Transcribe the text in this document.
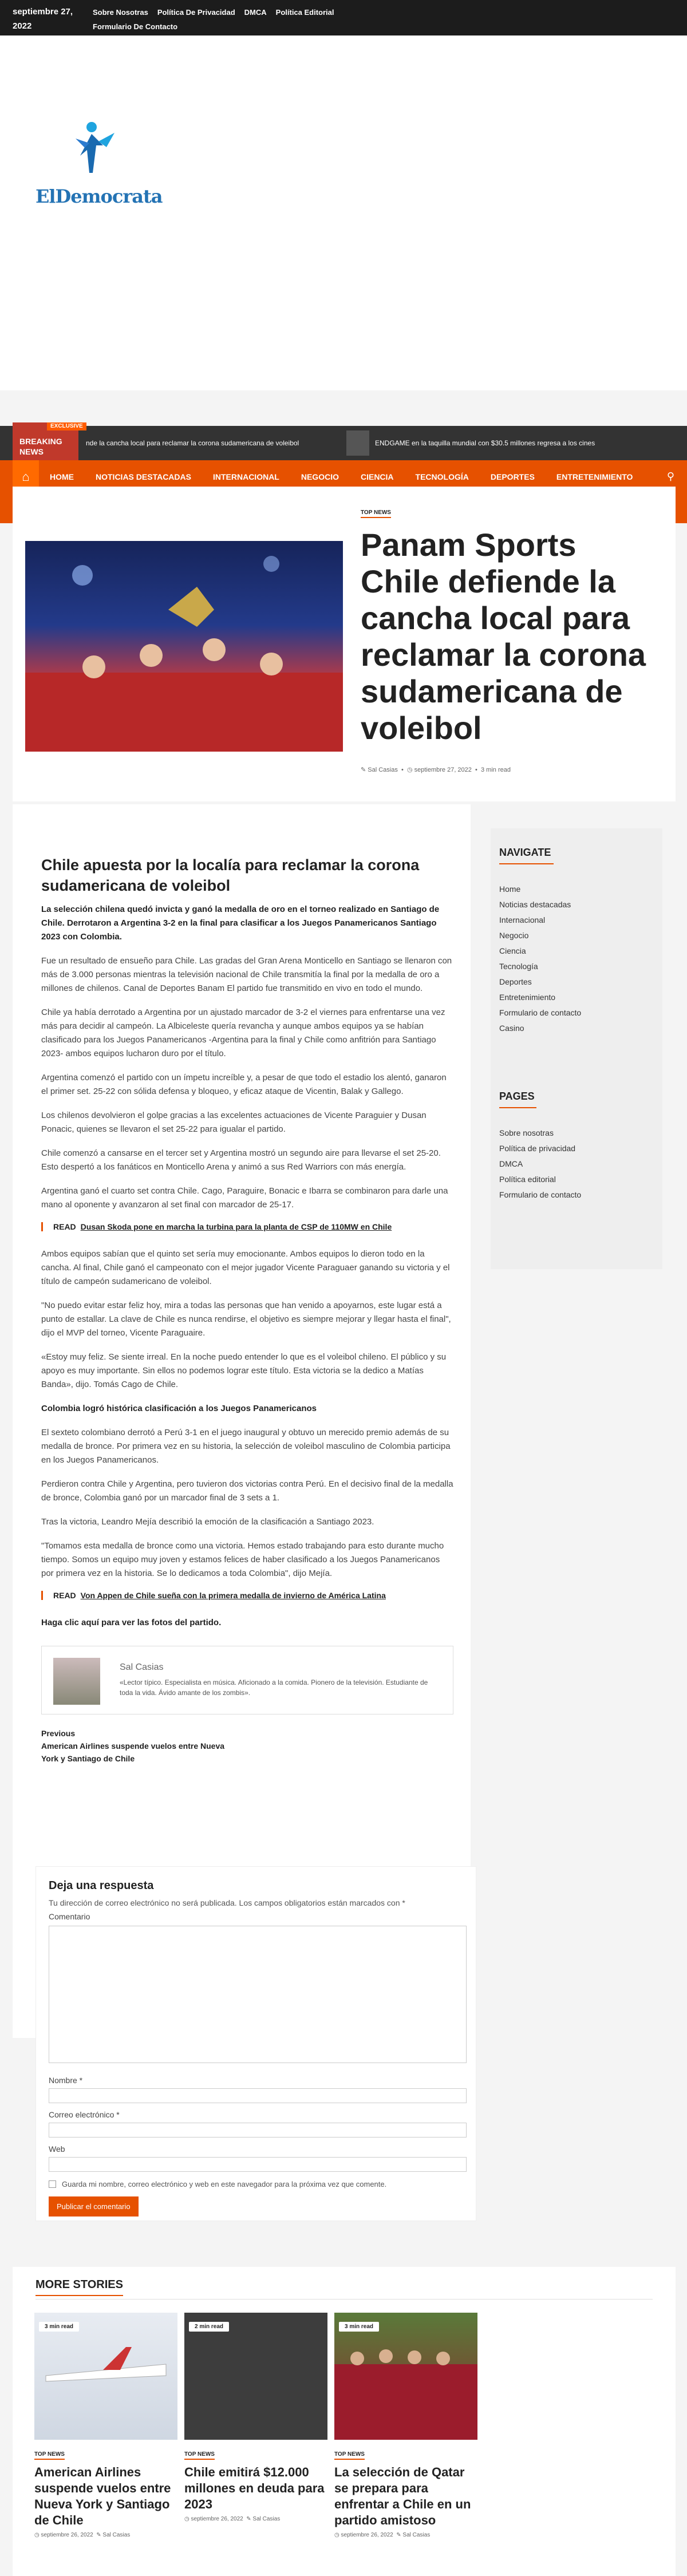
septiembre 27, 2022
Sobre Nosotras Política De Privacidad DMCA Política Editorial
Formulario De Contacto
ElDemocrata
EXCLUSIVE
BREAKING NEWS
nde la cancha local para reclamar la corona sudamericana de voleibol	ENDGAME en la taquilla mundial con $30.5 millones regresa a los cines
⌂	HOME	NOTICIAS DESTACADAS	INTERNACIONAL	NEGOCIO	CIENCIA	TECNOLOGÍA	DEPORTES	ENTRETENIMIENTO	⚲
TOP NEWS
Panam Sports Chile defiende la cancha local para reclamar la corona sudamericana de voleibol
✎ Sal Casias  •  ◷ septiembre 27, 2022  •  3 min read
Chile apuesta por la localía para reclamar la corona sudamericana de voleibol

La selección chilena quedó invicta y ganó la medalla de oro en el torneo realizado en Santiago de Chile. Derrotaron a Argentina 3-2 en la final para clasificar a los Juegos Panamericanos Santiago 2023 con Colombia.

Fue un resultado de ensueño para Chile. Las gradas del Gran Arena Monticello en Santiago se llenaron con más de 3.000 personas mientras la televisión nacional de Chile transmitía la final por la medalla de oro a millones de chilenos. Canal de Deportes Banam El partido fue transmitido en vivo en todo el mundo.

Chile ya había derrotado a Argentina por un ajustado marcador de 3-2 el viernes para enfrentarse una vez más para decidir al campeón. La Albiceleste quería revancha y aunque ambos equipos ya se habían clasificado para los Juegos Panamericanos -Argentina para la final y Chile como anfitrión para Santiago 2023- ambos equipos lucharon duro por el título.

Argentina comenzó el partido con un ímpetu increíble y, a pesar de que todo el estadio los alentó, ganaron el primer set. 25-22 con sólida defensa y bloqueo, y eficaz ataque de Vicentin, Balak y Gallego.

Los chilenos devolvieron el golpe gracias a las excelentes actuaciones de Vicente Paraguier y Dusan Ponacic, quienes se llevaron el set 25-22 para igualar el partido.

Chile comenzó a cansarse en el tercer set y Argentina mostró un segundo aire para llevarse el set 25-20. Esto despertó a los fanáticos en Monticello Arena y animó a sus Red Warriors con más energía.

Argentina ganó el cuarto set contra Chile. Cago, Paraguire, Bonacic e Ibarra se combinaron para darle una mano al oponente y avanzaron al set final con marcador de 25-17.

READ Dusan Skoda pone en marcha la turbina para la planta de CSP de 110MW en Chile

Ambos equipos sabían que el quinto set sería muy emocionante. Ambos equipos lo dieron todo en la cancha. Al final, Chile ganó el campeonato con el mejor jugador Vicente Paraguaer ganando su victoria y el título de campeón sudamericano de voleibol.

"No puedo evitar estar feliz hoy, mira a todas las personas que han venido a apoyarnos, este lugar está a punto de estallar. La clave de Chile es nunca rendirse, el objetivo es siempre mejorar y llegar hasta el final", dijo el MVP del torneo, Vicente Paraguaire.

«Estoy muy feliz. Se siente irreal. En la noche puedo entender lo que es el voleibol chileno. El público y su apoyo es muy importante. Sin ellos no podemos lograr este título. Esta victoria se la dedico a Matías Banda», dijo. Tomás Cago de Chile.

Colombia logró histórica clasificación a los Juegos Panamericanos

El sexteto colombiano derrotó a Perú 3-1 en el juego inaugural y obtuvo un merecido premio además de su medalla de bronce. Por primera vez en su historia, la selección de voleibol masculino de Colombia participa en los Juegos Panamericanos.

Perdieron contra Chile y Argentina, pero tuvieron dos victorias contra Perú. En el decisivo final de la medalla de bronce, Colombia ganó por un marcador final de 3 sets a 1.

Tras la victoria, Leandro Mejía describió la emoción de la clasificación a Santiago 2023.

"Tomamos esta medalla de bronce como una victoria. Hemos estado trabajando para esto durante mucho tiempo. Somos un equipo muy joven y estamos felices de haber clasificado a los Juegos Panamericanos por primera vez en la historia. Se lo dedicamos a toda Colombia", dijo Mejía.

READ Von Appen de Chile sueña con la primera medalla de invierno de América Latina

Haga clic aquí para ver las fotos del partido.

Sal Casias
«Lector típico. Especialista en música. Aficionado a la comida. Pionero de la televisión. Estudiante de toda la vida. Ávido amante de los zombis».
Previous
American Airlines suspende vuelos entre Nueva York y Santiago de Chile
NAVIGATE
Home
Noticias destacadas
Internacional
Negocio
Ciencia
Tecnología
Deportes
Entretenimiento
Formulario de contacto
Casino
PAGES
Sobre nosotras
Política de privacidad
DMCA
Política editorial
Formulario de contacto
Deja una respuesta
Tu dirección de correo electrónico no será publicada. Los campos obligatorios están marcados con *
Comentario
Nombre *
Correo electrónico *
Web
Guarda mi nombre, correo electrónico y web en este navegador para la próxima vez que comente.
Publicar el comentario
MORE STORIES
3 min read
TOP NEWS
American Airlines suspende vuelos entre Nueva York y Santiago de Chile
◷ septiembre 26, 2022  ✎ Sal Casias
2 min read
TOP NEWS
Chile emitirá $12.000 millones en deuda para 2023
◷ septiembre 26, 2022  ✎ Sal Casias
3 min read
TOP NEWS
La selección de Qatar se prepara para enfrentar a Chile en un partido amistoso
◷ septiembre 26, 2022  ✎ Sal Casias
